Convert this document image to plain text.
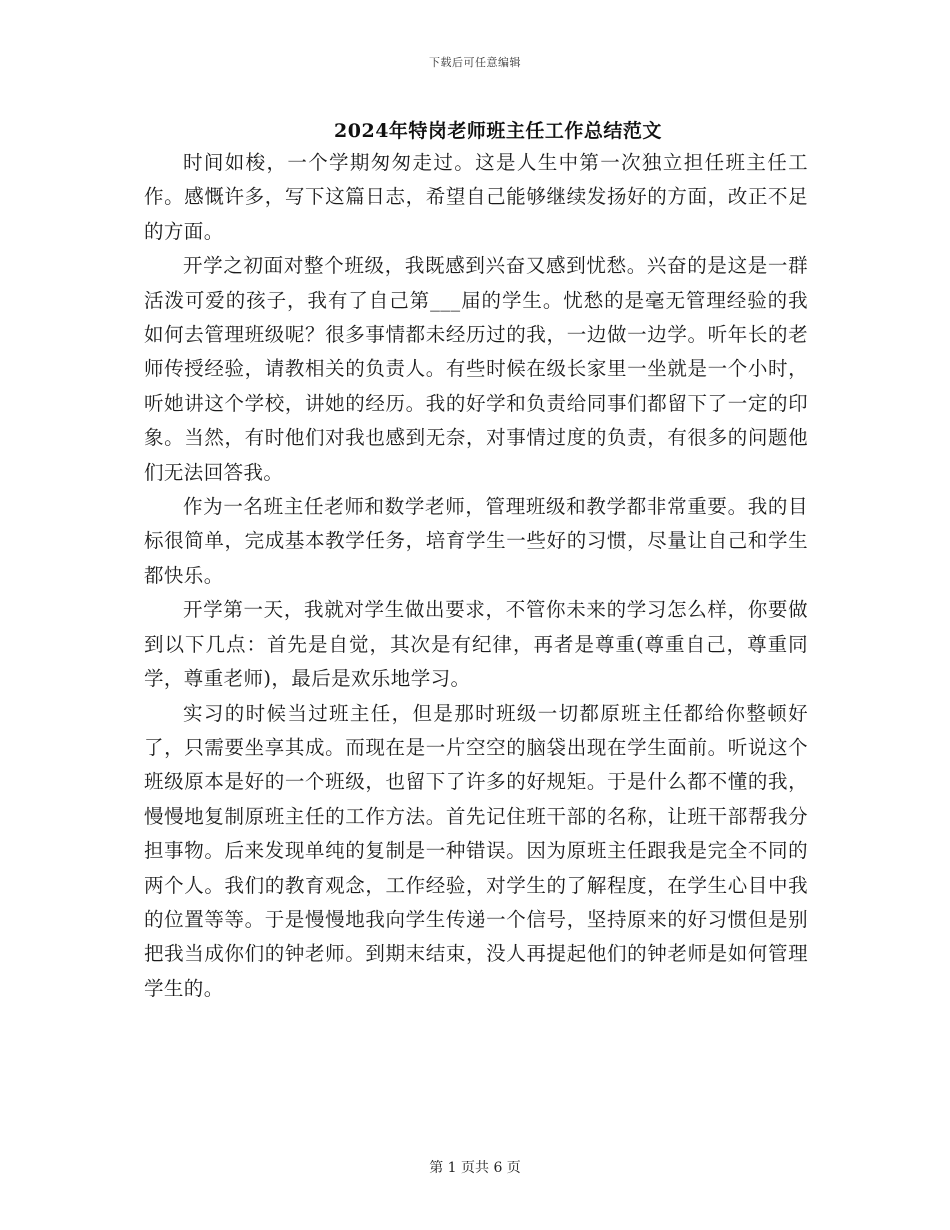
下载后可任意编辑
2024年特岗老师班主任工作总结范文

时间如梭，一个学期匆匆走过。这是人生中第一次独立担任班主任工作。感慨许多，写下这篇日志，希望自己能够继续发扬好的方面，改正不足的方面。

开学之初面对整个班级，我既感到兴奋又感到忧愁。兴奋的是这是一群活泼可爱的孩子，我有了自己第___届的学生。忧愁的是毫无管理经验的我如何去管理班级呢？很多事情都未经历过的我，一边做一边学。听年长的老师传授经验，请教相关的负责人。有些时候在级长家里一坐就是一个小时，听她讲这个学校，讲她的经历。我的好学和负责给同事们都留下了一定的印象。当然，有时他们对我也感到无奈，对事情过度的负责，有很多的问题他们无法回答我。

作为一名班主任老师和数学老师，管理班级和教学都非常重要。我的目标很简单，完成基本教学任务，培育学生一些好的习惯，尽量让自己和学生都快乐。

开学第一天，我就对学生做出要求，不管你未来的学习怎么样，你要做到以下几点：首先是自觉，其次是有纪律，再者是尊重(尊重自己，尊重同学，尊重老师)，最后是欢乐地学习。

实习的时候当过班主任，但是那时班级一切都原班主任都给你整顿好了，只需要坐享其成。而现在是一片空空的脑袋出现在学生面前。听说这个班级原本是好的一个班级，也留下了许多的好规矩。于是什么都不懂的我，慢慢地复制原班主任的工作方法。首先记住班干部的名称，让班干部帮我分担事物。后来发现单纯的复制是一种错误。因为原班主任跟我是完全不同的两个人。我们的教育观念，工作经验，对学生的了解程度，在学生心目中我的位置等等。于是慢慢地我向学生传递一个信号，坚持原来的好习惯但是别把我当成你们的钟老师。到期末结束，没人再提起他们的钟老师是如何管理学生的。

第 1 页共 6 页
